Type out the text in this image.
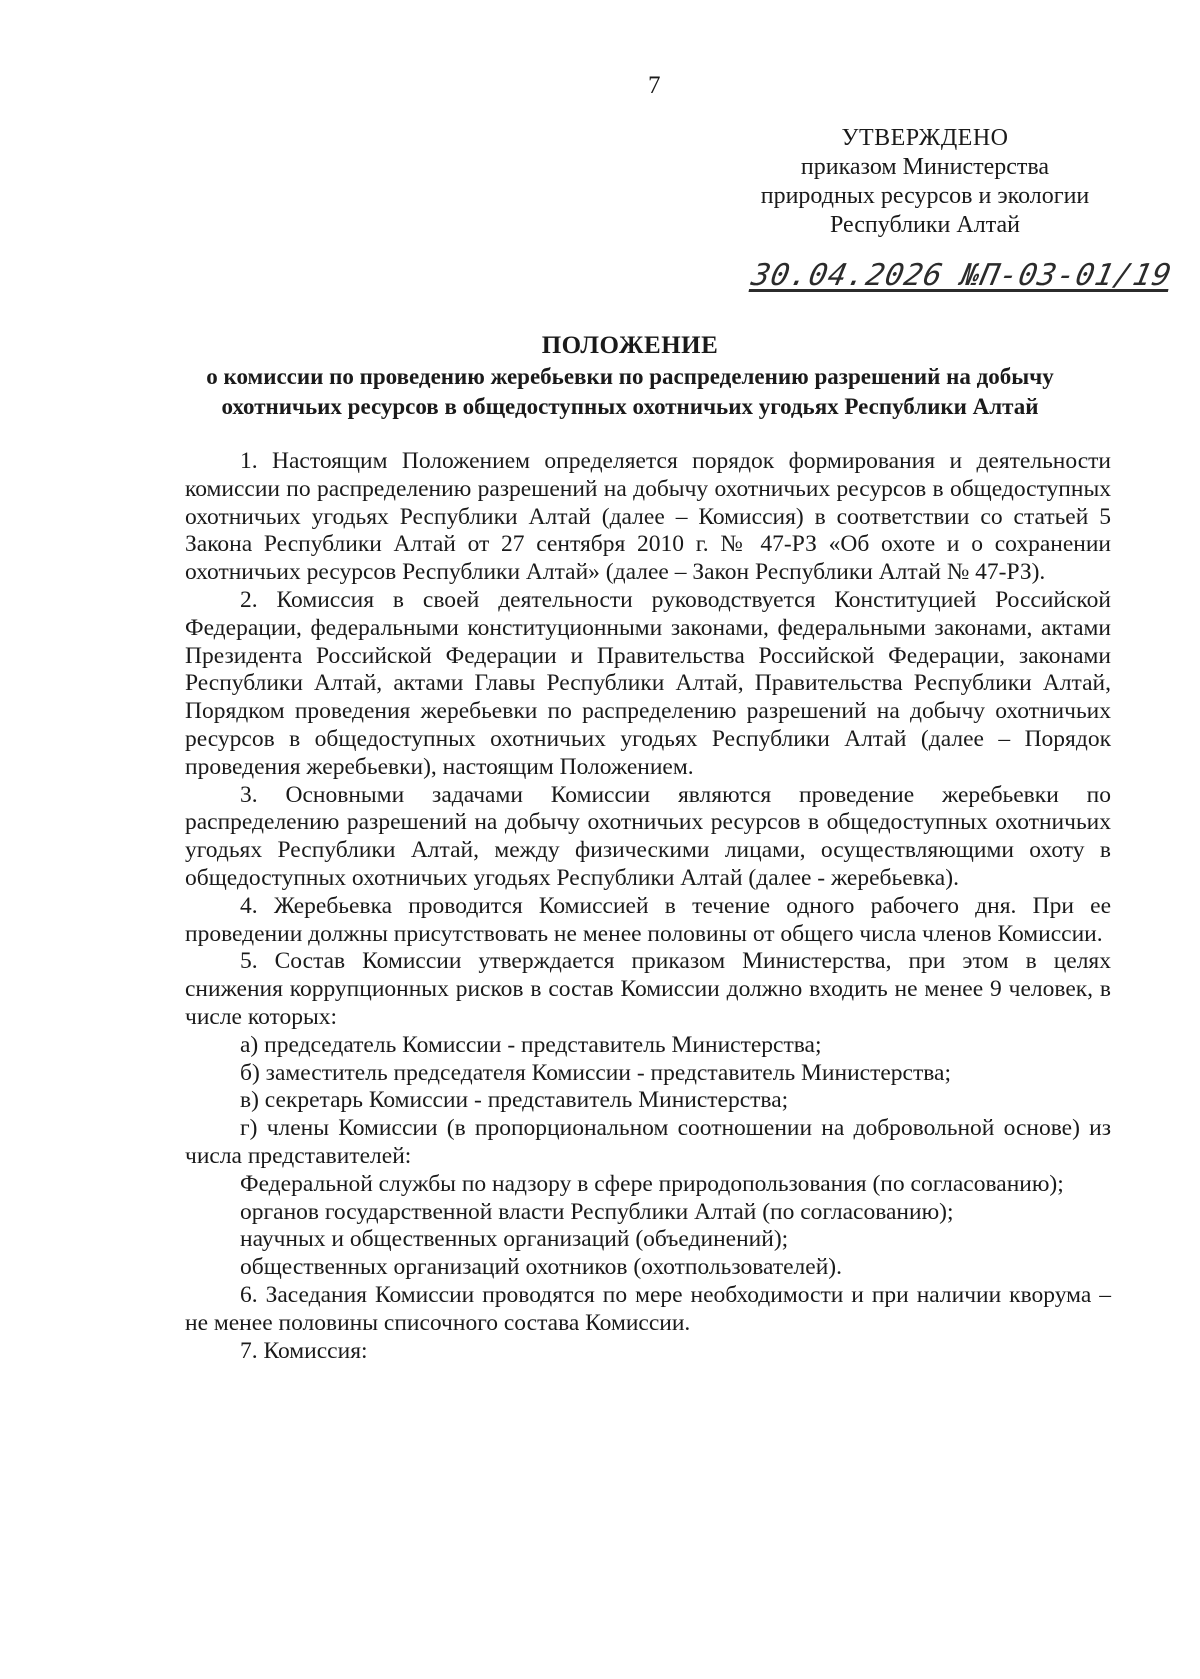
7
УТВЕРЖДЕНО
приказом Министерства
природных ресурсов и экологии
Республики Алтай
30.04.2026 №П-03-01/19
ПОЛОЖЕНИЕ
о комиссии по проведению жеребьевки по распределению разрешений на добычу
охотничьих ресурсов в общедоступных охотничьих угодьях Республики Алтай

1. Настоящим Положением определяется порядок формирования и деятельности комиссии по распределению разрешений на добычу охотничьих ресурсов в общедоступных охотничьих угодьях Республики Алтай (далее – Комиссия) в соответствии со статьей 5 Закона Республики Алтай от 27 сентября 2010 г. № 47-РЗ «Об охоте и о сохранении охотничьих ресурсов Республики Алтай» (далее – Закон Республики Алтай № 47-РЗ).

2. Комиссия в своей деятельности руководствуется Конституцией Российской Федерации, федеральными конституционными законами, федеральными законами, актами Президента Российской Федерации и Правительства Российской Федерации, законами Республики Алтай, актами Главы Республики Алтай, Правительства Республики Алтай, Порядком проведения жеребьевки по распределению разрешений на добычу охотничьих ресурсов в общедоступных охотничьих угодьях Республики Алтай (далее – Порядок проведения жеребьевки), настоящим Положением.

3. Основными задачами Комиссии являются проведение жеребьевки по распределению разрешений на добычу охотничьих ресурсов в общедоступных охотничьих угодьях Республики Алтай, между физическими лицами, осуществляющими охоту в общедоступных охотничьих угодьях Республики Алтай (далее - жеребьевка).

4. Жеребьевка проводится Комиссией в течение одного рабочего дня. При ее проведении должны присутствовать не менее половины от общего числа членов Комиссии.

5. Состав Комиссии утверждается приказом Министерства, при этом в целях снижения коррупционных рисков в состав Комиссии должно входить не менее 9 человек, в числе которых:

а) председатель Комиссии - представитель Министерства;

б) заместитель председателя Комиссии - представитель Министерства;

в) секретарь Комиссии - представитель Министерства;

г) члены Комиссии (в пропорциональном соотношении на добровольной основе) из числа представителей:

Федеральной службы по надзору в сфере природопользования (по согласованию);

органов государственной власти Республики Алтай (по согласованию);

научных и общественных организаций (объединений);

общественных организаций охотников (охотпользователей).

6. Заседания Комиссии проводятся по мере необходимости и при наличии кворума – не менее половины списочного состава Комиссии.

7. Комиссия:
